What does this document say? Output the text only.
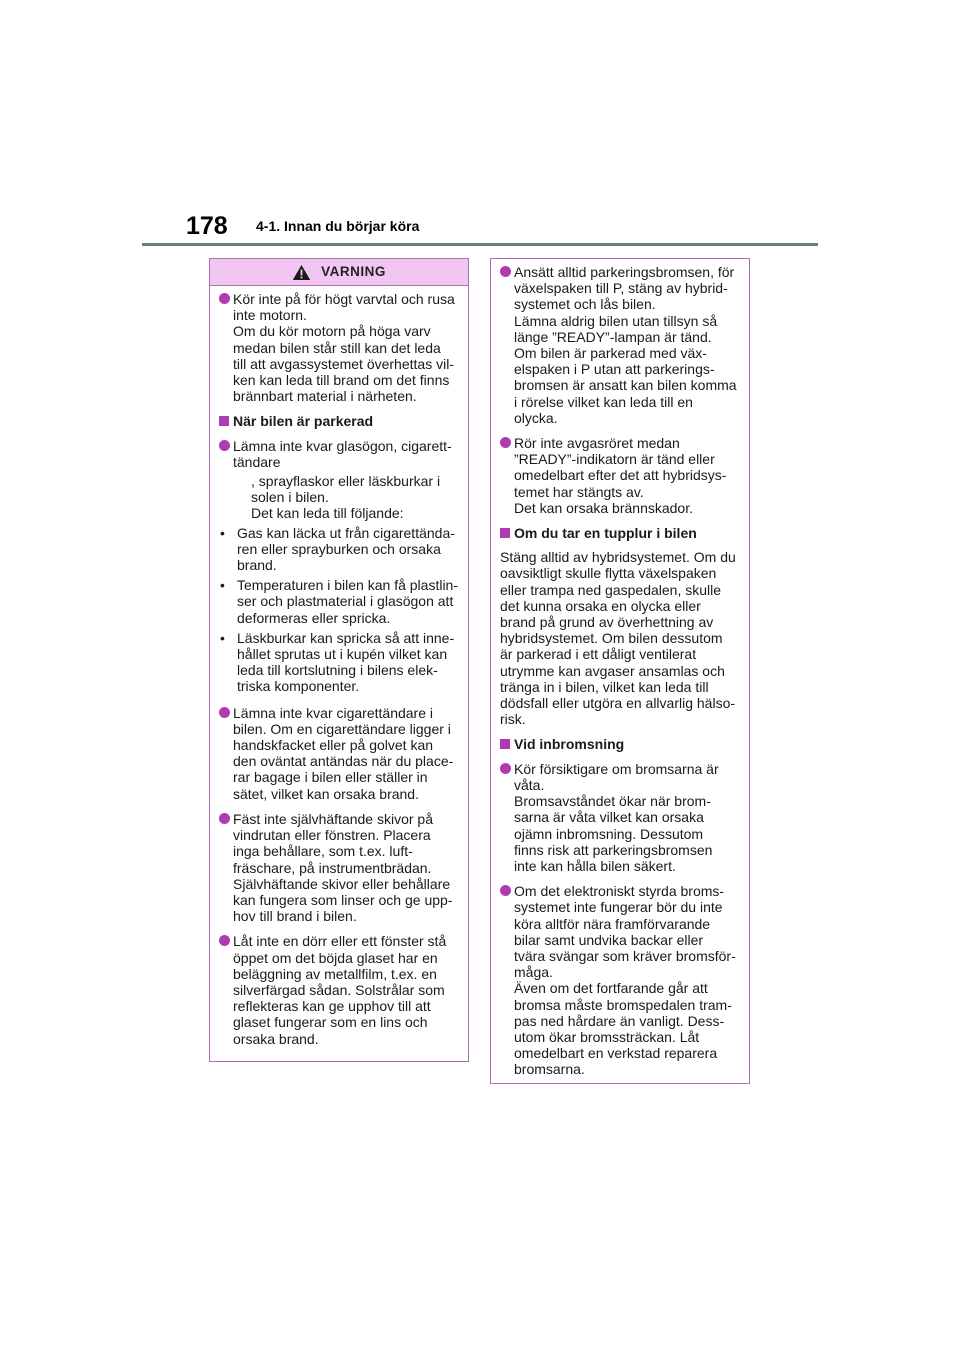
178 4-1. Innan du börjar köra
VARNING
Kör inte på för högt varvtal och rusa
inte motorn.
Om du kör motorn på höga varv
medan bilen står still kan det leda
till att avgassystemet överhettas vil-
ken kan leda till brand om det finns
brännbart material i närheten.
När bilen är parkerad
Lämna inte kvar glasögon, cigarett-
tändare
, sprayflaskor eller läskburkar i
solen i bilen.
Det kan leda till följande:
• Gas kan läcka ut från cigarettända-
ren eller sprayburken och orsaka
brand.
• Temperaturen i bilen kan få plastlin-
ser och plastmaterial i glasögon att
deformeras eller spricka.
• Läskburkar kan spricka så att inne-
hållet sprutas ut i kupén vilket kan
leda till kortslutning i bilens elek-
triska komponenter.
Lämna inte kvar cigarettändare i
bilen. Om en cigarettändare ligger i
handskfacket eller på golvet kan
den oväntat antändas när du place-
rar bagage i bilen eller ställer in
sätet, vilket kan orsaka brand.
Fäst inte självhäftande skivor på
vindrutan eller fönstren. Placera
inga behållare, som t.ex. luft-
fräschare, på instrumentbrädan.
Självhäftande skivor eller behållare
kan fungera som linser och ge upp-
hov till brand i bilen.
Låt inte en dörr eller ett fönster stå
öppet om det böjda glaset har en
beläggning av metallfilm, t.ex. en
silverfärgad sådan. Solstrålar som
reflekteras kan ge upphov till att
glaset fungerar som en lins och
orsaka brand.
Ansätt alltid parkeringsbromsen, för
växelspaken till P, stäng av hybrid-
systemet och lås bilen.
Lämna aldrig bilen utan tillsyn så
länge ”READY”-lampan är tänd.
Om bilen är parkerad med väx-
elspaken i P utan att parkerings-
bromsen är ansatt kan bilen komma
i rörelse vilket kan leda till en
olycka.
Rör inte avgasröret medan
”READY”-indikatorn är tänd eller
omedelbart efter det att hybridsys-
temet har stängts av.
Det kan orsaka brännskador.
Om du tar en tupplur i bilen
Stäng alltid av hybridsystemet. Om du
oavsiktligt skulle flytta växelspaken
eller trampa ned gaspedalen, skulle
det kunna orsaka en olycka eller
brand på grund av överhettning av
hybridsystemet. Om bilen dessutom
är parkerad i ett dåligt ventilerat
utrymme kan avgaser ansamlas och
tränga in i bilen, vilket kan leda till
dödsfall eller utgöra en allvarlig hälso-
risk.
Vid inbromsning
Kör försiktigare om bromsarna är
våta.
Bromsavståndet ökar när brom-
sarna är våta vilket kan orsaka
ojämn inbromsning. Dessutom
finns risk att parkeringsbromsen
inte kan hålla bilen säkert.
Om det elektroniskt styrda broms-
systemet inte fungerar bör du inte
köra alltför nära framförvarande
bilar samt undvika backar eller
tvära svängar som kräver bromsför-
måga.
Även om det fortfarande går att
bromsa måste bromspedalen tram-
pas ned hårdare än vanligt. Dess-
utom ökar bromssträckan. Låt
omedelbart en verkstad reparera
bromsarna.
